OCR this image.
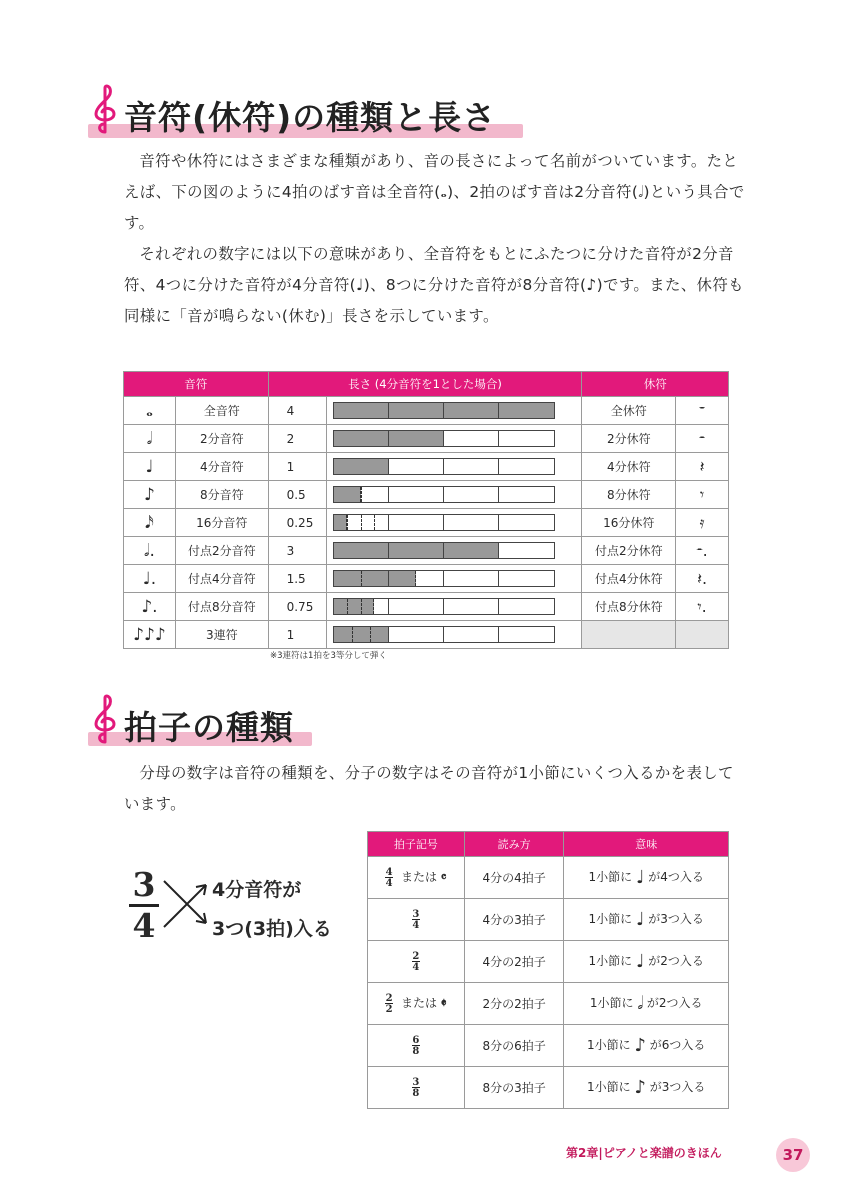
音符(休符)の種類と長さ

音符や休符にはさまざまな種類があり、音の長さによって名前がついています。たとえば、下の図のように4拍のばす音は全音符(𝅝)、2拍のばす音は2分音符(𝅗𝅥)という具合です。

それぞれの数字には以下の意味があり、全音符をもとにふたつに分けた音符が2分音符、4つに分けた音符が4分音符(♩)、8つに分けた音符が8分音符(♪)です。また、休符も同様に「音が鳴らない(休む)」長さを示しています。

音符		長さ (4分音符を1とした場合)		休符	
𝅝	全音符	4		全休符	𝄻
𝅗𝅥	2分音符	2		2分休符	𝄼
♩	4分音符	1		4分休符	𝄽
♪	8分音符	0.5		8分休符	𝄾
𝅘𝅥𝅯	16分音符	0.25		16分休符	𝄿
𝅗𝅥.	付点2分音符	3		付点2分休符	𝄼.
♩.	付点4分音符	1.5		付点4分休符	𝄽.
♪.	付点8分音符	0.75		付点8分休符	𝄾.
♪♪♪	3連符	1	

※3連符は1拍を3等分して弾く
拍子の種類

分母の数字は音符の種類を、分子の数字はその音符が1小節にいくつ入るかを表しています。

3
4
4分音符が
3つ(3拍)入る
拍子記号	読み方	意味

$\frac{4}{4}$ または 𝄴	4分の4拍子	1小節に ♩ が4つ入る

$\frac{3}{4}$	4分の3拍子	1小節に ♩ が3つ入る

$\frac{2}{4}$	4分の2拍子	1小節に ♩ が2つ入る

$\frac{2}{2}$ または 𝄵	2分の2拍子	1小節に 𝅗𝅥 が2つ入る

$\frac{6}{8}$	8分の6拍子	1小節に ♪ が6つ入る

$\frac{3}{8}$	8分の3拍子	1小節に ♪ が3つ入る
第2章|ピアノと楽譜のきほん	37
